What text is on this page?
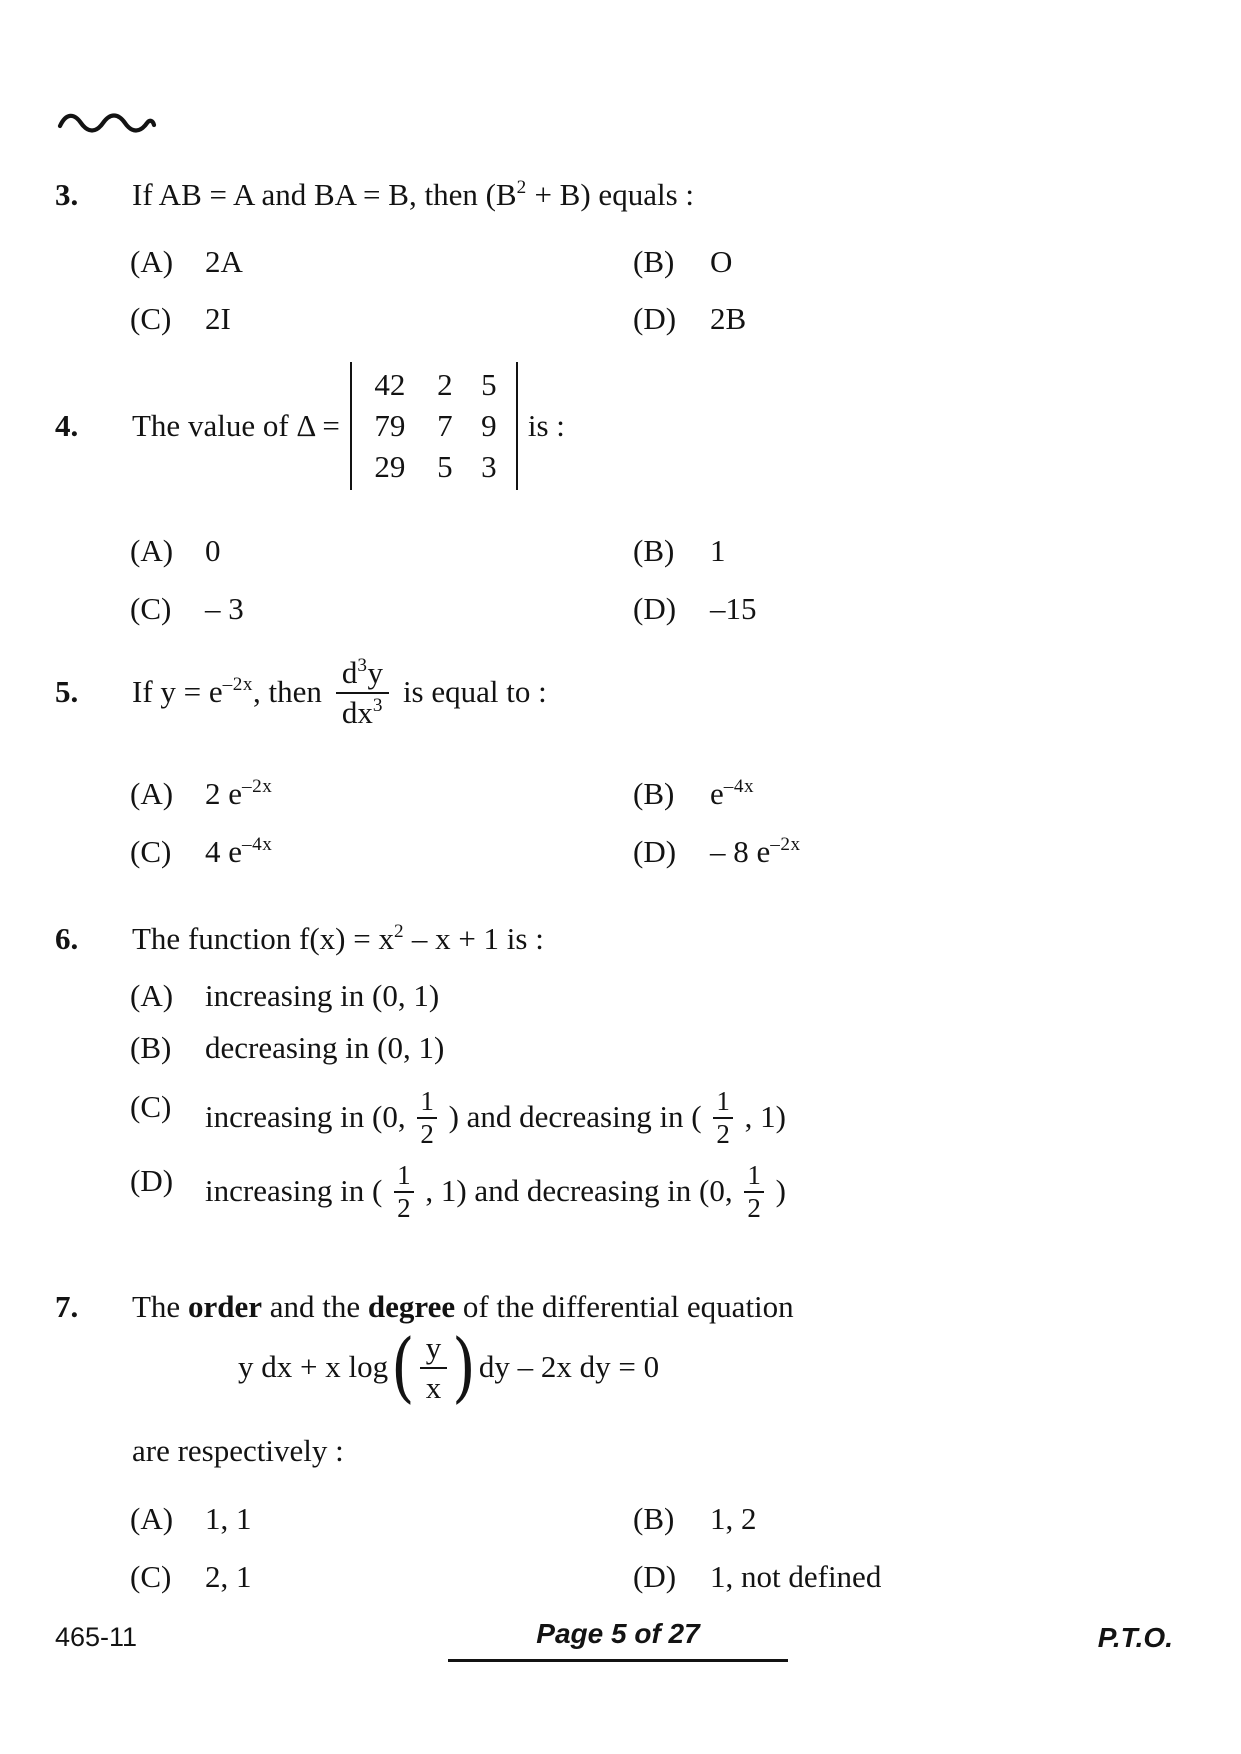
3. If AB = A and BA = B, then $(B^2 + B)$ equals :
(A) 2A	(B) O
(C) 2I	(D) 2B
4.	The value of Δ =
42	2 5
79	7 9
29	5 3
is :
(A) 0	(B) 1
(C) – 3	(D) –15
5.	If $y = e^{-2x}$, then $\frac{d^3y}{dx^3}$ is equal to :
(A) 2 $e^{-2x}$	(B) $e^{-4x}$
(C) 4 $e^{-4x}$	(D) – 8 $e^{-2x}$
6. The function $f(x) = x^2 - x + 1$ is :
(A) increasing in (0, 1)
(B) decreasing in (0, 1)
(C) increasing in (0, $\frac{1}{2}$ ) and decreasing in ( $\frac{1}{2}$ , 1)
(D) increasing in ( $\frac{1}{2}$ , 1) and decreasing in (0, $\frac{1}{2}$ )
7. The order and the degree of the differential equation
y dx + x log ( $\frac{y}{x}$ ) dy – 2x dy = 0
are respectively :
(A) 1, 1	(B) 1, 2
(C) 2, 1	(D) 1, not defined
465-11	Page 5 of 27	P.T.O.
